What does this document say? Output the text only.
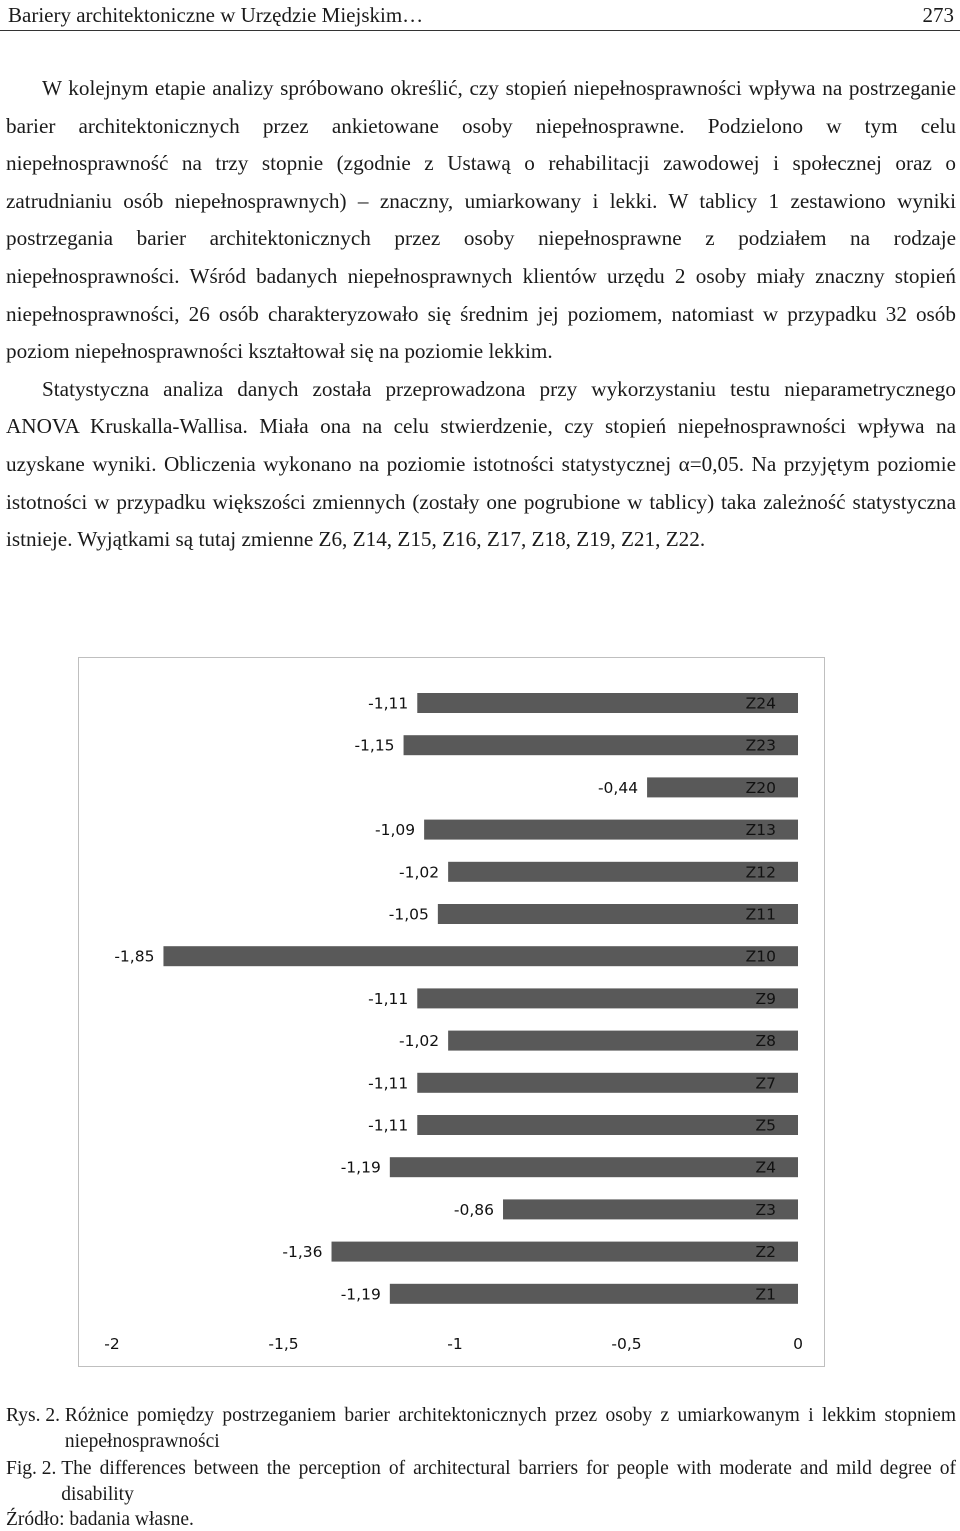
Bariery architektoniczne w Urzędzie Miejskim…	273

W kolejnym etapie analizy spróbowano określić, czy stopień niepełnosprawności wpływa na postrzeganie barier architektonicznych przez ankietowane osoby niepełnosprawne. Podzielono w tym celu niepełnosprawność na trzy stopnie (zgodnie z Ustawą o rehabilitacji zawodowej i społecznej oraz o zatrudnianiu osób niepełnosprawnych) – znaczny, umiarkowany i lekki. W tablicy 1 zestawiono wyniki postrzegania barier architektonicznych przez osoby niepełnosprawne z podziałem na rodzaje niepełnosprawności. Wśród badanych niepełnosprawnych klientów urzędu 2 osoby miały znaczny stopień niepełnosprawności, 26 osób charakteryzowało się średnim jej poziomem, natomiast w przypadku 32 osób poziom niepełnosprawności kształtował się na poziomie lekkim.

Statystyczna analiza danych została przeprowadzona przy wykorzystaniu testu nieparametrycznego ANOVA Kruskalla-Wallisa. Miała ona na celu stwierdzenie, czy stopień niepełnosprawności wpływa na uzyskane wyniki. Obliczenia wykonano na poziomie istotności statystycznej α=0,05. Na przyjętym poziomie istotności w przypadku większości zmiennych (zostały one pogrubione w tablicy) taka zależność statystyczna istnieje. Wyjątkami są tutaj zmienne Z6, Z14, Z15, Z16, Z17, Z18, Z19, Z21, Z22.

-1,11	Z24
-1,15	Z23
-0,44	Z20
-1,09	Z13
-1,02	Z12
-1,05	Z11
-1,85	Z10
-1,11	Z9
-1,02	Z8
-1,11	Z7
-1,11	Z5
-1,19	Z4
-0,86	Z3
-1,36	Z2
-1,19	Z1
-2	-1,5	-1	-0,5	0
Rys. 2.
Różnice pomiędzy postrzeganiem barier architektonicznych przez osoby z umiarkowanym i lekkim stopniem niepełnosprawności
Fig. 2.
The differences between the perception of architectural barriers for people with moderate and mild degree of disability
Źródło: badania własne.
